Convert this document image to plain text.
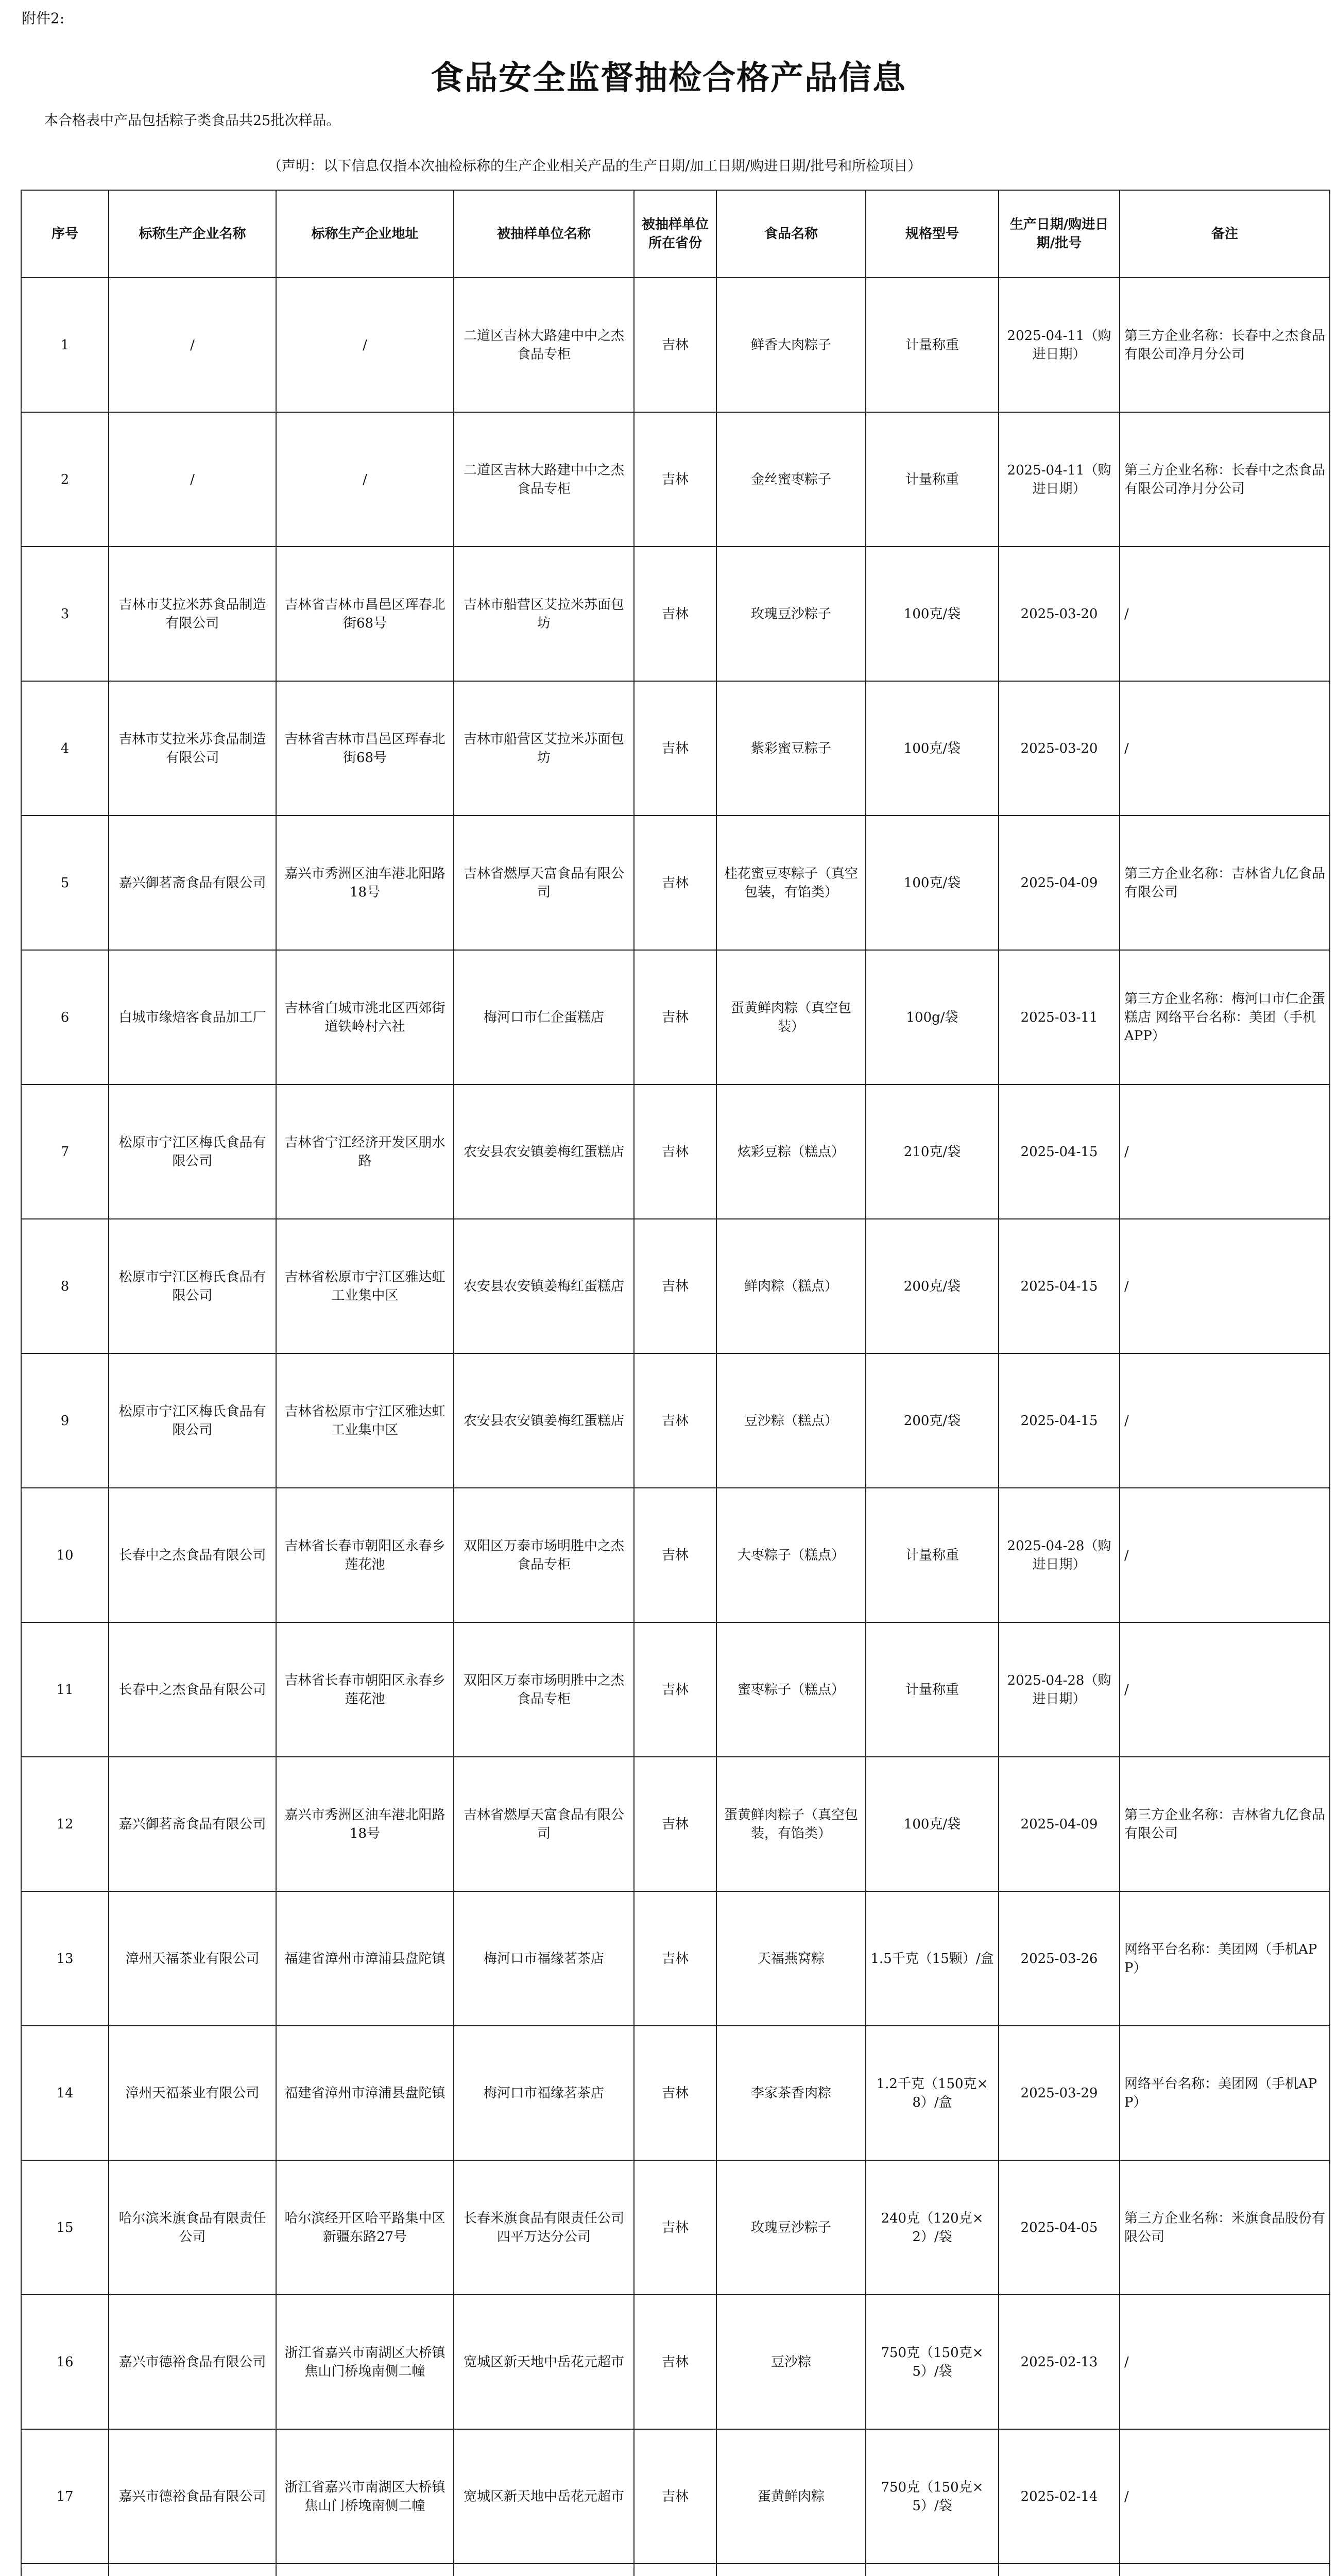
附件2:
食品安全监督抽检合格产品信息
本合格表中产品包括粽子类食品共25批次样品。
（声明：以下信息仅指本次抽检标称的生产企业相关产品的生产日期/加工日期/购进日期/批号和所检项目）
序号	标称生产企业名称	标称生产企业地址	被抽样单位名称	被抽样单位所在省份	食品名称	规格型号	生产日期/购进日期/批号	备注
1	/	/	二道区吉林大路建中中之杰食品专柜	吉林	鲜香大肉粽子	计量称重	2025-04-11（购进日期）	第三方企业名称：长春中之杰食品有限公司净月分公司
2	/	/	二道区吉林大路建中中之杰食品专柜	吉林	金丝蜜枣粽子	计量称重	2025-04-11（购进日期）	第三方企业名称：长春中之杰食品有限公司净月分公司
3	吉林市艾拉米苏食品制造有限公司	吉林省吉林市昌邑区珲春北街68号	吉林市船营区艾拉米苏面包坊	吉林	玫瑰豆沙粽子	100克/袋	2025-03-20	/
4	吉林市艾拉米苏食品制造有限公司	吉林省吉林市昌邑区珲春北街68号	吉林市船营区艾拉米苏面包坊	吉林	紫彩蜜豆粽子	100克/袋	2025-03-20	/
5	嘉兴御茗斋食品有限公司	嘉兴市秀洲区油车港北阳路18号	吉林省燃厚天富食品有限公司	吉林	桂花蜜豆枣粽子（真空包装，有馅类）	100克/袋	2025-04-09	第三方企业名称：吉林省九亿食品有限公司
6	白城市缘焙客食品加工厂	吉林省白城市洮北区西郊街道铁岭村六社	梅河口市仁企蛋糕店	吉林	蛋黄鲜肉粽（真空包装）	100g/袋	2025-03-11	第三方企业名称：梅河口市仁企蛋糕店 网络平台名称：美团（手机APP）
7	松原市宁江区梅氏食品有限公司	吉林省宁江经济开发区朋水路	农安县农安镇姜梅红蛋糕店	吉林	炫彩豆粽（糕点）	210克/袋	2025-04-15	/
8	松原市宁江区梅氏食品有限公司	吉林省松原市宁江区雅达虹工业集中区	农安县农安镇姜梅红蛋糕店	吉林	鲜肉粽（糕点）	200克/袋	2025-04-15	/
9	松原市宁江区梅氏食品有限公司	吉林省松原市宁江区雅达虹工业集中区	农安县农安镇姜梅红蛋糕店	吉林	豆沙粽（糕点）	200克/袋	2025-04-15	/
10	长春中之杰食品有限公司	吉林省长春市朝阳区永春乡莲花池	双阳区万泰市场明胜中之杰食品专柜	吉林	大枣粽子（糕点）	计量称重	2025-04-28（购进日期）	/
11	长春中之杰食品有限公司	吉林省长春市朝阳区永春乡莲花池	双阳区万泰市场明胜中之杰食品专柜	吉林	蜜枣粽子（糕点）	计量称重	2025-04-28（购进日期）	/
12	嘉兴御茗斋食品有限公司	嘉兴市秀洲区油车港北阳路18号	吉林省燃厚天富食品有限公司	吉林	蛋黄鲜肉粽子（真空包装，有馅类）	100克/袋	2025-04-09	第三方企业名称：吉林省九亿食品有限公司
13	漳州天福茶业有限公司	福建省漳州市漳浦县盘陀镇	梅河口市福缘茗茶店	吉林	天福燕窝粽	1.5千克（15颗）/盒	2025-03-26	网络平台名称：美团网（手机APP）
14	漳州天福茶业有限公司	福建省漳州市漳浦县盘陀镇	梅河口市福缘茗茶店	吉林	李家茶香肉粽	1.2千克（150克×8）/盒	2025-03-29	网络平台名称：美团网（手机APP）
15	哈尔滨米旗食品有限责任公司	哈尔滨经开区哈平路集中区新疆东路27号	长春米旗食品有限责任公司四平万达分公司	吉林	玫瑰豆沙粽子	240克（120克×2）/袋	2025-04-05	第三方企业名称：米旗食品股份有限公司
16	嘉兴市德裕食品有限公司	浙江省嘉兴市南湖区大桥镇焦山门桥堍南侧二幢	宽城区新天地中岳花元超市	吉林	豆沙粽	750克（150克×5）/袋	2025-02-13	/
17	嘉兴市德裕食品有限公司	浙江省嘉兴市南湖区大桥镇焦山门桥堍南侧二幢	宽城区新天地中岳花元超市	吉林	蛋黄鲜肉粽	750克（150克×5）/袋	2025-02-14	/
